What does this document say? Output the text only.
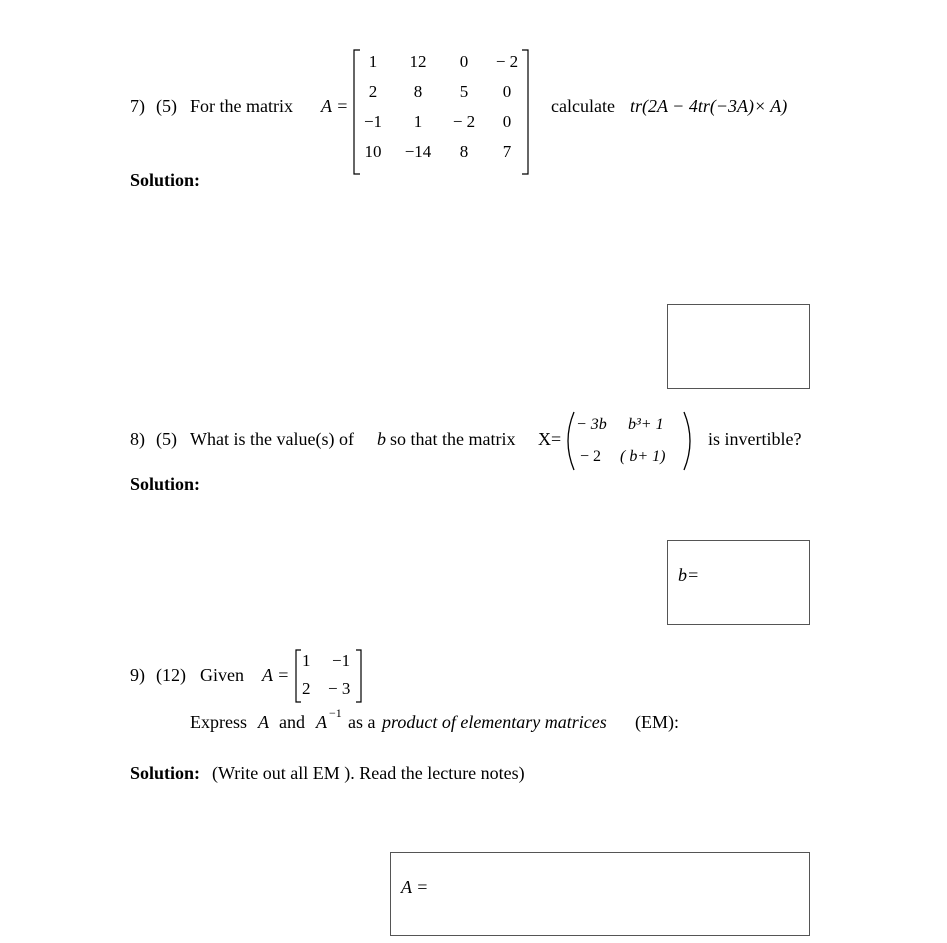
7) (5) For the matrix A =
1	12	0	− 2
2	8	5	0
−1	1	− 2	0
10	−14	8	7
calculate tr(2A − 4tr(−3A)× A)
Solution:
8) (5) What is the value(s) of b so that the matrix X=
− 3b b³+ 1
− 2 ( b+ 1)
is invertible?
Solution:
b=
9) (12) Given A =
1 −1
2 − 3
Express A and A −1 as a product of elementary matrices (EM):
Solution: (Write out all EM ). Read the lecture notes)
A =
